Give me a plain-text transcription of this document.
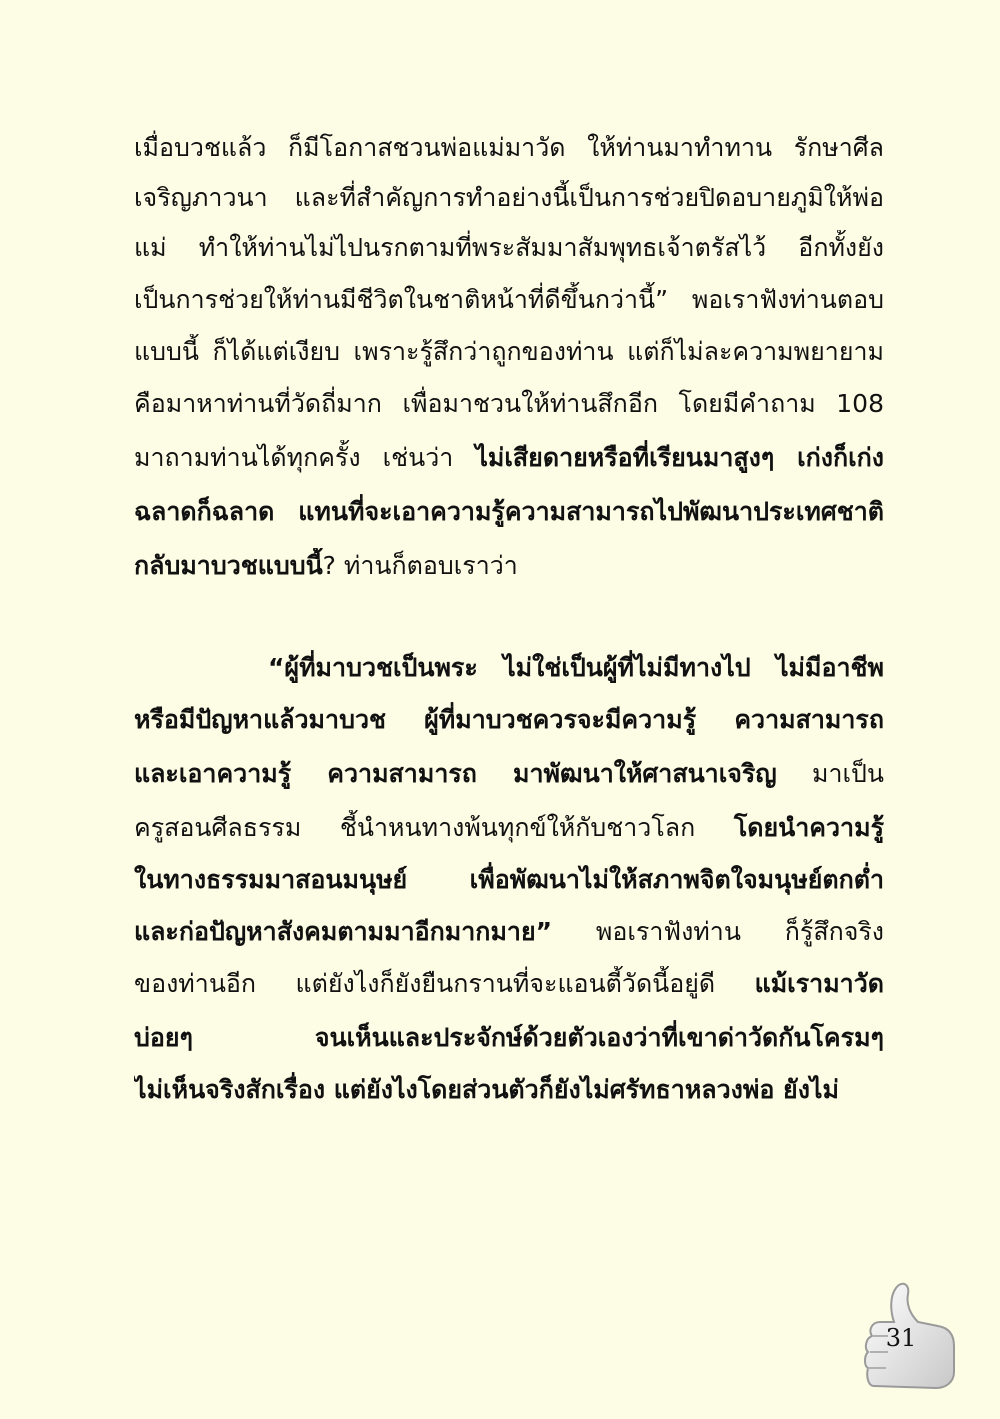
เมื่อบวชแล้ว ก็มีโอกาสชวนพ่อแม่มาวัด ให้ท่านมาทำทาน รักษาศีล
เจริญภาวนา และที่สำคัญการทำอย่างนี้เป็นการช่วยปิดอบายภูมิให้พ่อ
แม่ ทำให้ท่านไม่ไปนรกตามที่พระสัมมาสัมพุทธเจ้าตรัสไว้ อีกทั้งยัง
เป็นการช่วยให้ท่านมีชีวิตในชาติหน้าที่ดีขึ้นกว่านี้” พอเราฟังท่านตอบ
แบบนี้ ก็ได้แต่เงียบ เพราะรู้สึกว่าถูกของท่าน แต่ก็ไม่ละความพยายาม
คือมาหาท่านที่วัดถี่มาก เพื่อมาชวนให้ท่านสึกอีก โดยมีคำถาม 108
มาถามท่านได้ทุกครั้ง เช่นว่า ไม่เสียดายหรือที่เรียนมาสูงๆ เก่งก็เก่ง
ฉลาดก็ฉลาด แทนที่จะเอาความรู้ความสามารถไปพัฒนาประเทศชาติ
กลับมาบวชแบบนี้? ท่านก็ตอบเราว่า
“ผู้ที่มาบวชเป็นพระ ไม่ใช่เป็นผู้ที่ไม่มีทางไป ไม่มีอาชีพ
หรือมีปัญหาแล้วมาบวช ผู้ที่มาบวชควรจะมีความรู้ ความสามารถ
และเอาความรู้ ความสามารถ มาพัฒนาให้ศาสนาเจริญ มาเป็น
ครูสอนศีลธรรม ชี้นำหนทางพ้นทุกข์ให้กับชาวโลก โดยนำความรู้
ในทางธรรมมาสอนมนุษย์ เพื่อพัฒนาไม่ให้สภาพจิตใจมนุษย์ตกต่ำ
และก่อปัญหาสังคมตามมาอีกมากมาย” พอเราฟังท่าน ก็รู้สึกจริง
ของท่านอีก แต่ยังไงก็ยังยืนกรานที่จะแอนตี้วัดนี้อยู่ดี แม้เรามาวัด
บ่อยๆ จนเห็นและประจักษ์ด้วยตัวเองว่าที่เขาด่าวัดกันโครมๆ
ไม่เห็นจริงสักเรื่อง แต่ยังไงโดยส่วนตัวก็ยังไม่ศรัทธาหลวงพ่อ ยังไม่
31
